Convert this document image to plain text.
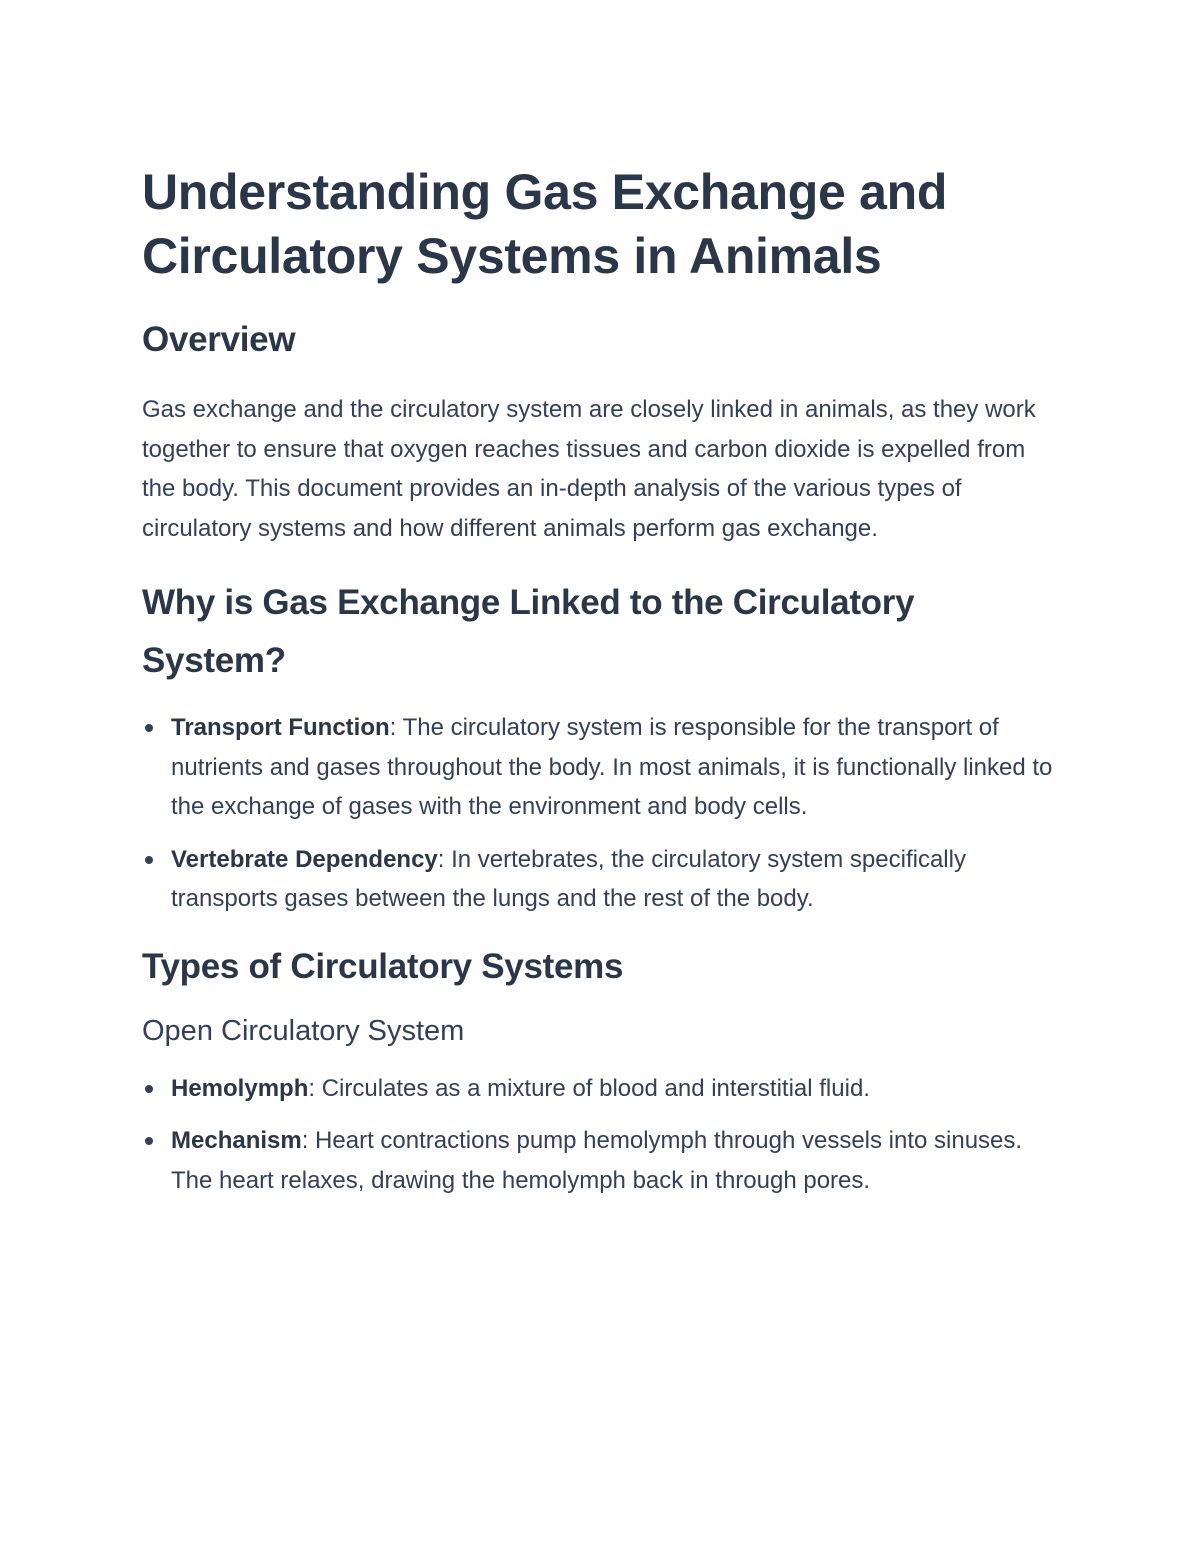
Understanding Gas Exchange and Circulatory Systems in Animals
Overview

Gas exchange and the circulatory system are closely linked in animals, as they work together to ensure that oxygen reaches tissues and carbon dioxide is expelled from the body. This document provides an in-depth analysis of the various types of circulatory systems and how different animals perform gas exchange.

Why is Gas Exchange Linked to the Circulatory System?
Transport Function: The circulatory system is responsible for the transport of nutrients and gases throughout the body. In most animals, it is functionally linked to the exchange of gases with the environment and body cells.
Vertebrate Dependency: In vertebrates, the circulatory system specifically transports gases between the lungs and the rest of the body.
Types of Circulatory Systems
Open Circulatory System
Hemolymph: Circulates as a mixture of blood and interstitial fluid.
Mechanism: Heart contractions pump hemolymph through vessels into sinuses. The heart relaxes, drawing the hemolymph back in through pores.
